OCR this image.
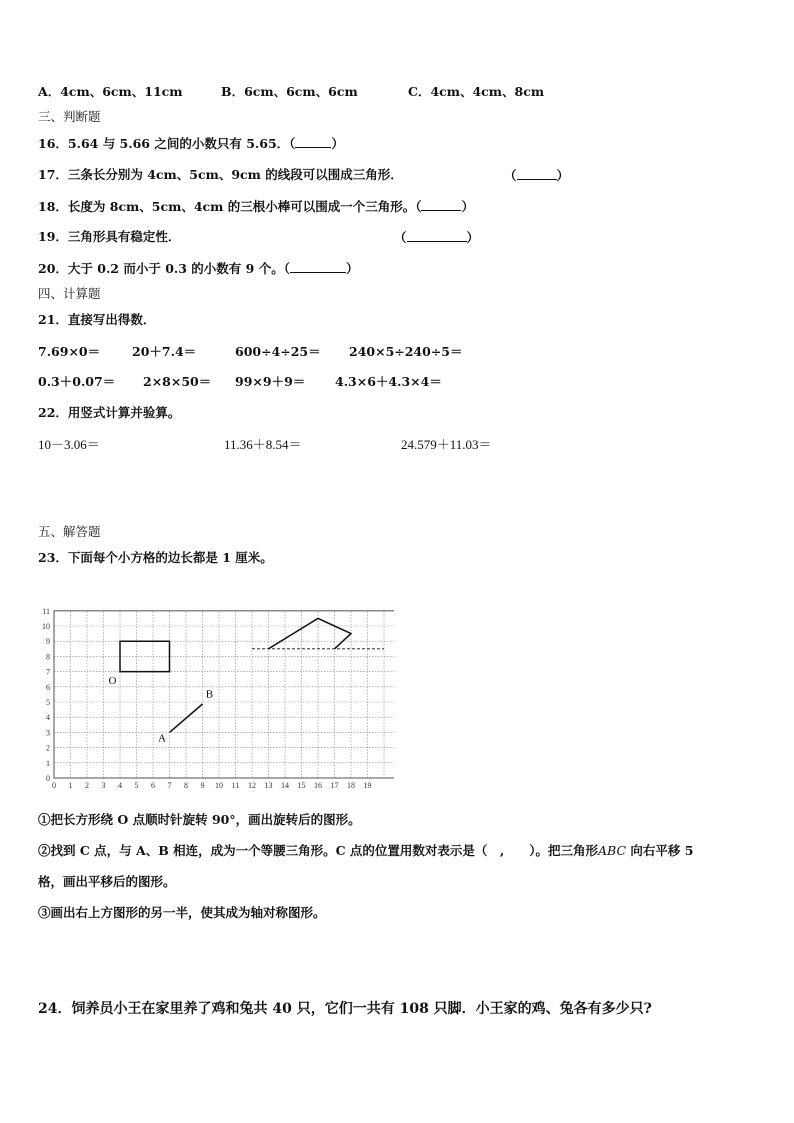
A．4cm、6cm、11cm	B．6cm、6cm、6cm	C．4cm、4cm、8cm
三、判断题
16．5.64 与 5.66 之间的小数只有 5.65．（	）
17．三条长分别为 4cm、5cm、9cm 的线段可以围成三角形．	（	）
18．长度为 8cm、5cm、4cm 的三根小棒可以围成一个三角形。（	）
19．三角形具有稳定性．	（	）
20．大于 0.2 而小于 0.3 的小数有 9 个。（	）
四、计算题
21．直接写出得数．
7.69×0＝	20＋7.4＝	600÷4÷25＝ 240×5÷240÷5＝
0.3＋0.07＝ 2×8×50＝ 99×9＋9＝ 4.3×6＋4.3×4＝
22．用竖式计算并验算。
10－3.06＝	11.36＋8.54＝	24.579＋11.03＝
五、解答题
23．下面每个小方格的边长都是 1 厘米。
0 1 2 3 4 5 6 7 8 9 10 11 12 13 14 15 16 17 18 19
0
1
2
3
4
5
6
7
8
9
10
11
O
A
B
①把长方形绕 O 点顺时针旋转 90°，画出旋转后的图形。
②找到 C 点，与 A、B 相连，成为一个等腰三角形。C 点的位置用数对表示是（　,　　）。把三角形ABC 向右平移 5
格，画出平移后的图形。
③画出右上方图形的另一半，使其成为轴对称图形。
24．饲养员小王在家里养了鸡和兔共 40 只，它们一共有 108 只脚．小王家的鸡、兔各有多少只?
